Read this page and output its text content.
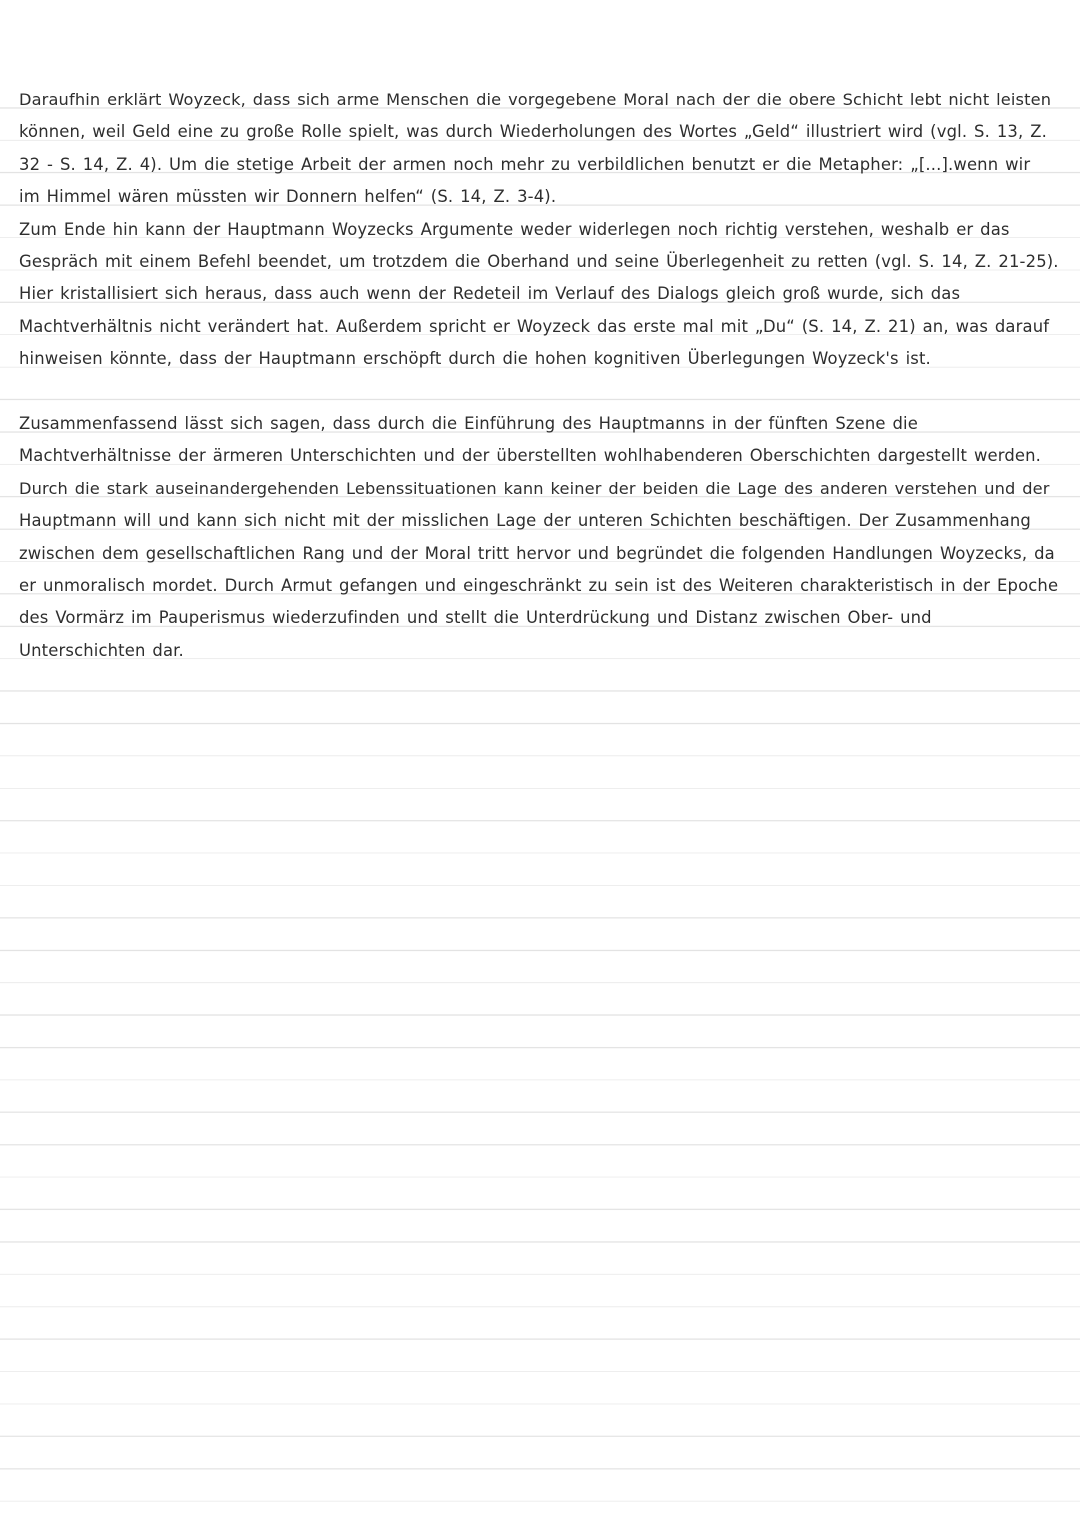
Daraufhin erklärt Woyzeck, dass sich arme Menschen die vorgegebene Moral nach der die obere Schicht lebt nicht leisten
können, weil Geld eine zu große Rolle spielt, was durch Wiederholungen des Wortes „Geld“ illustriert wird (vgl. S. 13, Z.
32 - S. 14, Z. 4). Um die stetige Arbeit der armen noch mehr zu verbildlichen benutzt er die Metapher: „[...].wenn wir
im Himmel wären müssten wir Donnern helfen“ (S. 14, Z. 3-4).
Zum Ende hin kann der Hauptmann Woyzecks Argumente weder widerlegen noch richtig verstehen, weshalb er das
Gespräch mit einem Befehl beendet, um trotzdem die Oberhand und seine Überlegenheit zu retten (vgl. S. 14, Z. 21-25).
Hier kristallisiert sich heraus, dass auch wenn der Redeteil im Verlauf des Dialogs gleich groß wurde, sich das
Machtverhältnis nicht verändert hat. Außerdem spricht er Woyzeck das erste mal mit „Du“ (S. 14, Z. 21) an, was darauf
hinweisen könnte, dass der Hauptmann erschöpft durch die hohen kognitiven Überlegungen Woyzeck's ist.
Zusammenfassend lässt sich sagen, dass durch die Einführung des Hauptmanns in der fünften Szene die
Machtverhältnisse der ärmeren Unterschichten und der überstellten wohlhabenderen Oberschichten dargestellt werden.
Durch die stark auseinandergehenden Lebenssituationen kann keiner der beiden die Lage des anderen verstehen und der
Hauptmann will und kann sich nicht mit der misslichen Lage der unteren Schichten beschäftigen. Der Zusammenhang
zwischen dem gesellschaftlichen Rang und der Moral tritt hervor und begründet die folgenden Handlungen Woyzecks, da
er unmoralisch mordet. Durch Armut gefangen und eingeschränkt zu sein ist des Weiteren charakteristisch in der Epoche
des Vormärz im Pauperismus wiederzufinden und stellt die Unterdrückung und Distanz zwischen Ober- und
Unterschichten dar.
